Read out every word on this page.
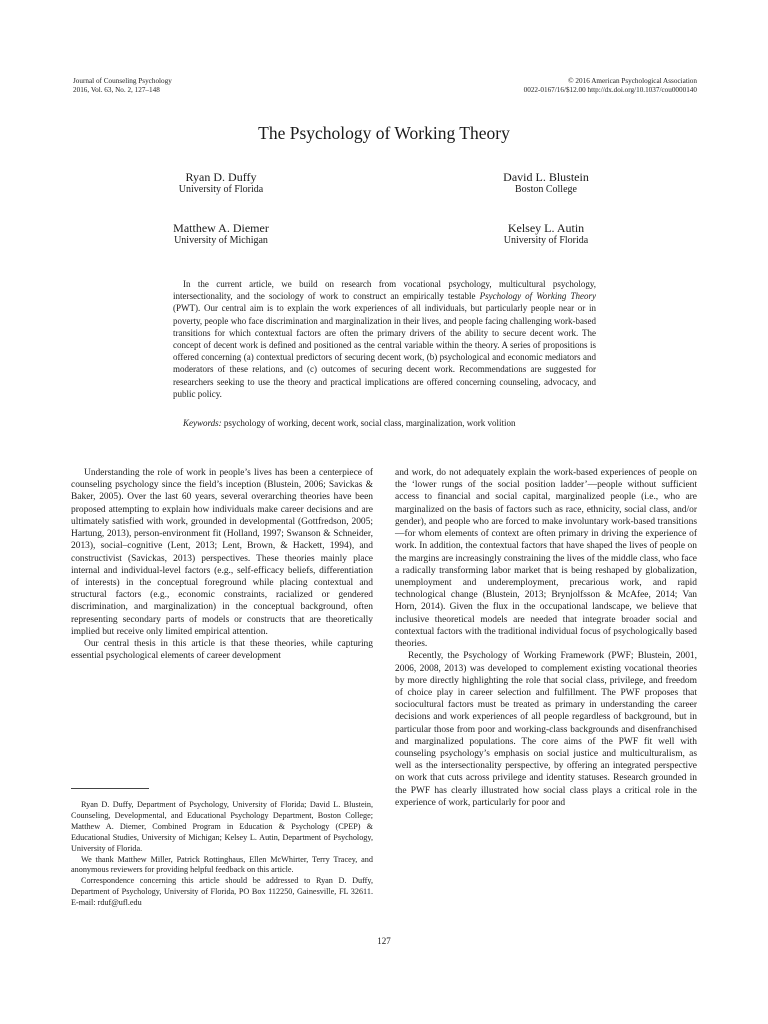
Journal of Counseling Psychology
2016, Vol. 63, No. 2, 127–148
© 2016 American Psychological Association
0022-0167/16/$12.00 http://dx.doi.org/10.1037/cou0000140
The Psychology of Working Theory
Ryan D. Duffy
University of Florida
David L. Blustein
Boston College
Matthew A. Diemer
University of Michigan
Kelsey L. Autin
University of Florida

In the current article, we build on research from vocational psychology, multicultural psychology, intersectionality, and the sociology of work to construct an empirically testable Psychology of Working Theory (PWT). Our central aim is to explain the work experiences of all individuals, but particularly people near or in poverty, people who face discrimination and marginalization in their lives, and people facing challenging work-based transitions for which contextual factors are often the primary drivers of the ability to secure decent work. The concept of decent work is defined and positioned as the central variable within the theory. A series of propositions is offered concerning (a) contextual predictors of securing decent work, (b) psychological and economic mediators and moderators of these relations, and (c) outcomes of securing decent work. Recommendations are suggested for researchers seeking to use the theory and practical implications are offered concerning counseling, advocacy, and public policy.

Keywords: psychology of working, decent work, social class, marginalization, work volition

Understanding the role of work in people’s lives has been a centerpiece of counseling psychology since the field’s inception (Blustein, 2006; Savickas & Baker, 2005). Over the last 60 years, several overarching theories have been proposed attempting to explain how individuals make career decisions and are ultimately satisfied with work, grounded in developmental (Gottfredson, 2005; Hartung, 2013), person-environment fit (Holland, 1997; Swanson & Schneider, 2013), social–cognitive (Lent, 2013; Lent, Brown, & Hackett, 1994), and constructivist (Savickas, 2013) perspectives. These theories mainly place internal and individual-level factors (e.g., self-efficacy beliefs, differentiation of interests) in the conceptual foreground while placing contextual and structural factors (e.g., economic constraints, racialized or gendered discrimination, and marginalization) in the conceptual background, often representing secondary parts of models or constructs that are theoretically implied but receive only limited empirical attention.

Our central thesis in this article is that these theories, while capturing essential psychological elements of career development

and work, do not adequately explain the work-based experiences of people on the ‘lower rungs of the social position ladder’—people without sufficient access to financial and social capital, marginalized people (i.e., who are marginalized on the basis of factors such as race, ethnicity, social class, and/or gender), and people who are forced to make involuntary work-based transitions—for whom elements of context are often primary in driving the experience of work. In addition, the contextual factors that have shaped the lives of people on the margins are increasingly constraining the lives of the middle class, who face a radically transforming labor market that is being reshaped by globalization, unemployment and underemployment, precarious work, and rapid technological change (Blustein, 2013; Brynjolfsson & McAfee, 2014; Van Horn, 2014). Given the flux in the occupational landscape, we believe that inclusive theoretical models are needed that integrate broader social and contextual factors with the traditional individual focus of psychologically based theories.

Recently, the Psychology of Working Framework (PWF; Blustein, 2001, 2006, 2008, 2013) was developed to complement existing vocational theories by more directly highlighting the role that social class, privilege, and freedom of choice play in career selection and fulfillment. The PWF proposes that sociocultural factors must be treated as primary in understanding the career decisions and work experiences of all people regardless of background, but in particular those from poor and working-class backgrounds and disenfranchised and marginalized populations. The core aims of the PWF fit well with counseling psychology’s emphasis on social justice and multiculturalism, as well as the intersectionality perspective, by offering an integrated perspective on work that cuts across privilege and identity statuses. Research grounded in the PWF has clearly illustrated how social class plays a critical role in the experience of work, particularly for poor and

Ryan D. Duffy, Department of Psychology, University of Florida; David L. Blustein, Counseling, Developmental, and Educational Psychology Department, Boston College; Matthew A. Diemer, Combined Program in Education & Psychology (CPEP) & Educational Studies, University of Michigan; Kelsey L. Autin, Department of Psychology, University of Florida.

We thank Matthew Miller, Patrick Rottinghaus, Ellen McWhirter, Terry Tracey, and anonymous reviewers for providing helpful feedback on this article.

Correspondence concerning this article should be addressed to Ryan D. Duffy, Department of Psychology, University of Florida, PO Box 112250, Gainesville, FL 32611. E-mail: rduf@ufl.edu

127
